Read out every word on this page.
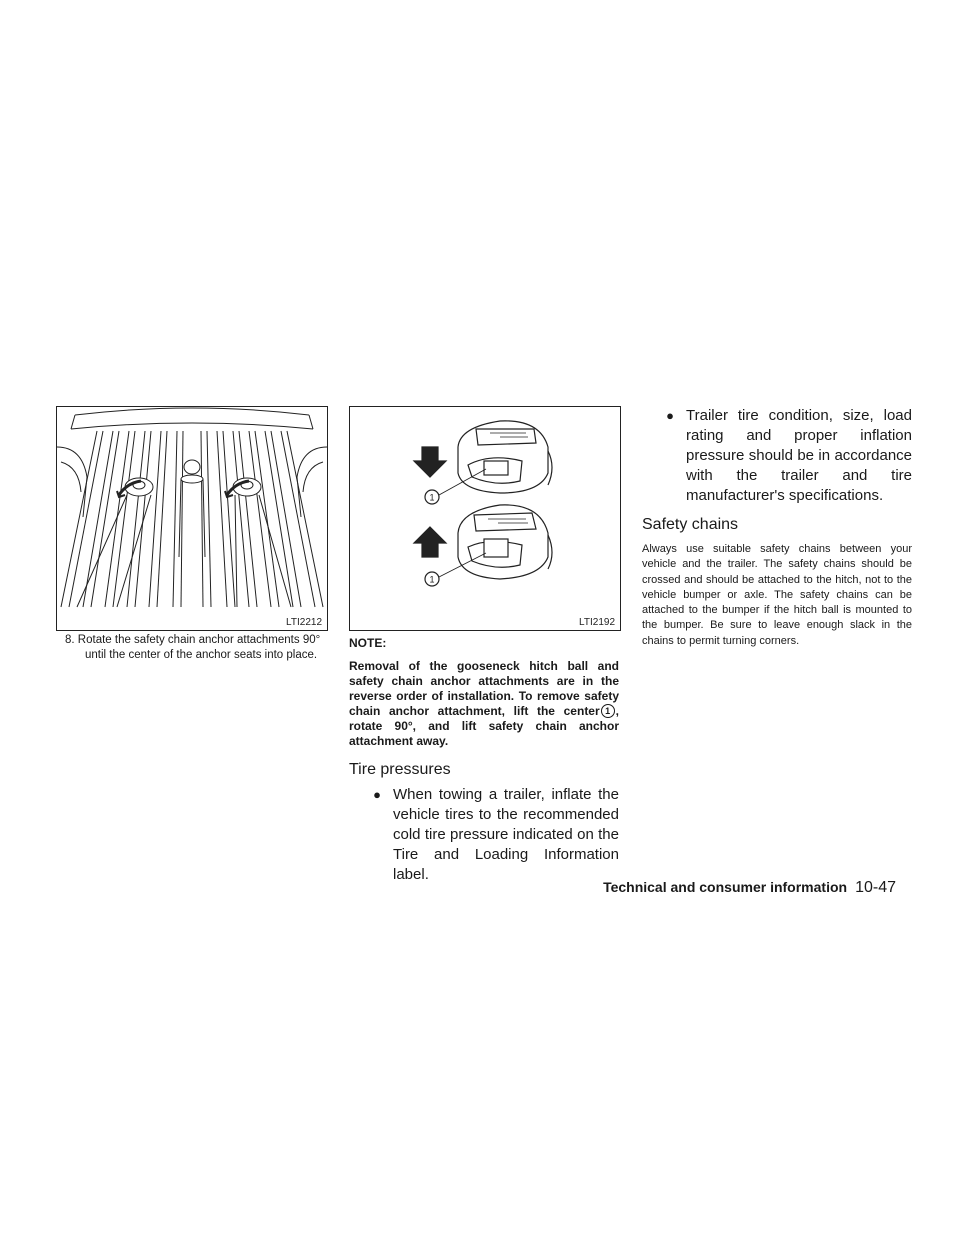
LTI2212
1
1
LTI2192

8. Rotate the safety chain anchor attachments 90° until the center of the anchor seats into place.

NOTE:

Removal of the gooseneck hitch ball and safety chain anchor attachments are in the reverse order of installation. To remove safety chain anchor attachment, lift the center 1 , rotate 90°, and lift safety chain anchor attachment away.

Tire pressures
● When towing a trailer, inflate the vehicle tires to the recommended cold tire pressure indicated on the Tire and Loading Information label.
● Trailer tire condition, size, load rating and proper inflation pressure should be in accordance with the trailer and tire manufacturer's specifications.
Safety chains

Always use suitable safety chains between your vehicle and the trailer. The safety chains should be crossed and should be attached to the hitch, not to the vehicle bumper or axle. The safety chains can be attached to the bumper if the hitch ball is mounted to the bumper. Be sure to leave enough slack in the chains to permit turning corners.

Technical and consumer information 10-47
